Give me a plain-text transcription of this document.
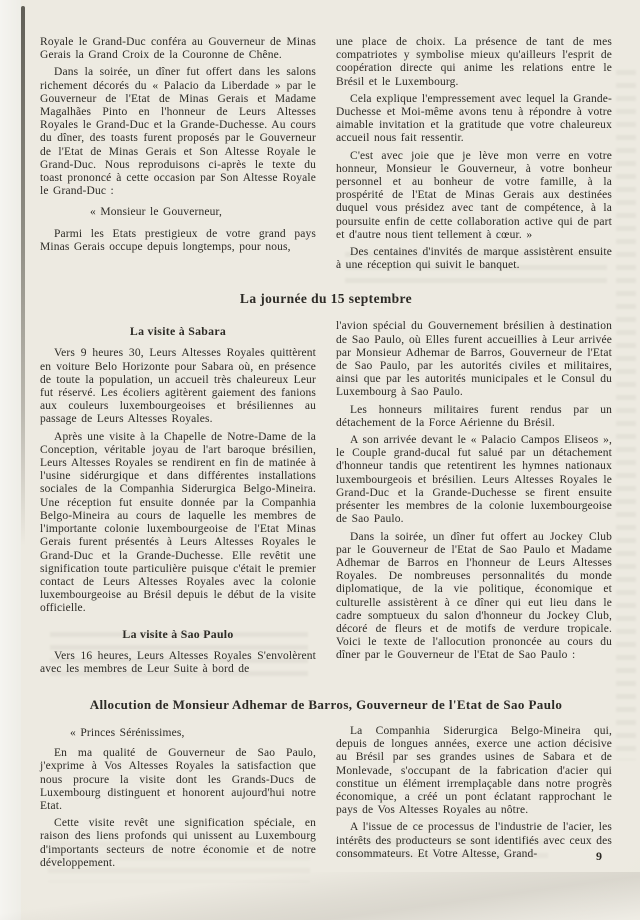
Royale le Grand-Duc conféra au Gouverneur de Minas Gerais la Grand Croix de la Couronne de Chêne.

Dans la soirée, un dîner fut offert dans les salons richement décorés du « Palacio da Liberdade » par le Gouverneur de l'Etat de Minas Gerais et Madame Magalhães Pinto en l'honneur de Leurs Altesses Royales le Grand-Duc et la Grande-Duchesse. Au cours du dîner, des toasts furent proposés par le Gouverneur de l'Etat de Minas Gerais et Son Altesse Royale le Grand-Duc. Nous reproduisons ci-après le texte du toast prononcé à cette occasion par Son Altesse Royale le Grand-Duc :

« Monsieur le Gouverneur,

Parmi les Etats prestigieux de votre grand pays Minas Gerais occupe depuis longtemps, pour nous,

une place de choix. La présence de tant de mes compatriotes y symbolise mieux qu'ailleurs l'esprit de coopération directe qui anime les relations entre le Brésil et le Luxembourg.

Cela explique l'empressement avec lequel la Grande-Duchesse et Moi-même avons tenu à répondre à votre aimable invitation et la gratitude que votre chaleureux accueil nous fait ressentir.

C'est avec joie que je lève mon verre en votre honneur, Monsieur le Gouverneur, à votre bonheur personnel et au bonheur de votre famille, à la prospérité de l'Etat de Minas Gerais aux destinées duquel vous présidez avec tant de compétence, à la poursuite enfin de cette collaboration active qui de part et d'autre nous tient tellement à cœur. »

Des centaines d'invités de marque assistèrent ensuite à une réception qui suivit le banquet.

La journée du 15 septembre
La visite à Sabara

Vers 9 heures 30, Leurs Altesses Royales quittèrent en voiture Belo Horizonte pour Sabara où, en présence de toute la population, un accueil très chaleureux Leur fut réservé. Les écoliers agitèrent gaiement des fanions aux couleurs luxembourgeoises et brésiliennes au passage de Leurs Altesses Royales.

Après une visite à la Chapelle de Notre-Dame de la Conception, véritable joyau de l'art baroque brésilien, Leurs Altesses Royales se rendirent en fin de matinée à l'usine sidérurgique et dans différentes installations sociales de la Companhia Siderurgica Belgo-Mineira. Une réception fut ensuite donnée par la Companhia Belgo-Mineira au cours de laquelle les membres de l'importante colonie luxembourgeoise de l'Etat Minas Gerais furent présentés à Leurs Altesses Royales le Grand-Duc et la Grande-Duchesse. Elle revêtit une signification toute particulière puisque c'était le premier contact de Leurs Altesses Royales avec la colonie luxembourgeoise au Brésil depuis le début de la visite officielle.

La visite à Sao Paulo

Vers 16 heures, Leurs Altesses Royales S'envolèrent avec les membres de Leur Suite à bord de

l'avion spécial du Gouvernement brésilien à destination de Sao Paulo, où Elles furent accueillies à Leur arrivée par Monsieur Adhemar de Barros, Gouverneur de l'Etat de Sao Paulo, par les autorités civiles et militaires, ainsi que par les autorités municipales et le Consul du Luxembourg à Sao Paulo.

Les honneurs militaires furent rendus par un détachement de la Force Aérienne du Brésil.

A son arrivée devant le « Palacio Campos Eliseos », le Couple grand-ducal fut salué par un détachement d'honneur tandis que retentirent les hymnes nationaux luxembourgeois et brésilien. Leurs Altesses Royales le Grand-Duc et la Grande-Duchesse se firent ensuite présenter les membres de la colonie luxembourgeoise de Sao Paulo.

Dans la soirée, un dîner fut offert au Jockey Club par le Gouverneur de l'Etat de Sao Paulo et Madame Adhemar de Barros en l'honneur de Leurs Altesses Royales. De nombreuses personnalités du monde diplomatique, de la vie politique, économique et culturelle assistèrent à ce dîner qui eut lieu dans le cadre somptueux du salon d'honneur du Jockey Club, décoré de fleurs et de motifs de verdure tropicale. Voici le texte de l'allocution prononcée au cours du dîner par le Gouverneur de l'Etat de Sao Paulo :

Allocution de Monsieur Adhemar de Barros, Gouverneur de l'Etat de Sao Paulo

« Princes Sérénissimes,

En ma qualité de Gouverneur de Sao Paulo, j'exprime à Vos Altesses Royales la satisfaction que nous procure la visite dont les Grands-Ducs de Luxembourg distinguent et honorent aujourd'hui notre Etat.

Cette visite revêt une signification spéciale, en raison des liens profonds qui unissent au Luxembourg d'importants secteurs de notre économie et de notre développement.

La Companhia Siderurgica Belgo-Mineira qui, depuis de longues années, exerce une action décisive au Brésil par ses grandes usines de Sabara et de Monlevade, s'occupant de la fabrication d'acier qui constitue un élément irremplaçable dans notre progrès économique, a créé un pont éclatant rapprochant le pays de Vos Altesses Royales au nôtre.

A l'issue de ce processus de l'industrie de l'acier, les intérêts des producteurs se sont identifiés avec ceux des consommateurs. Et Votre Altesse, Grand-	9
